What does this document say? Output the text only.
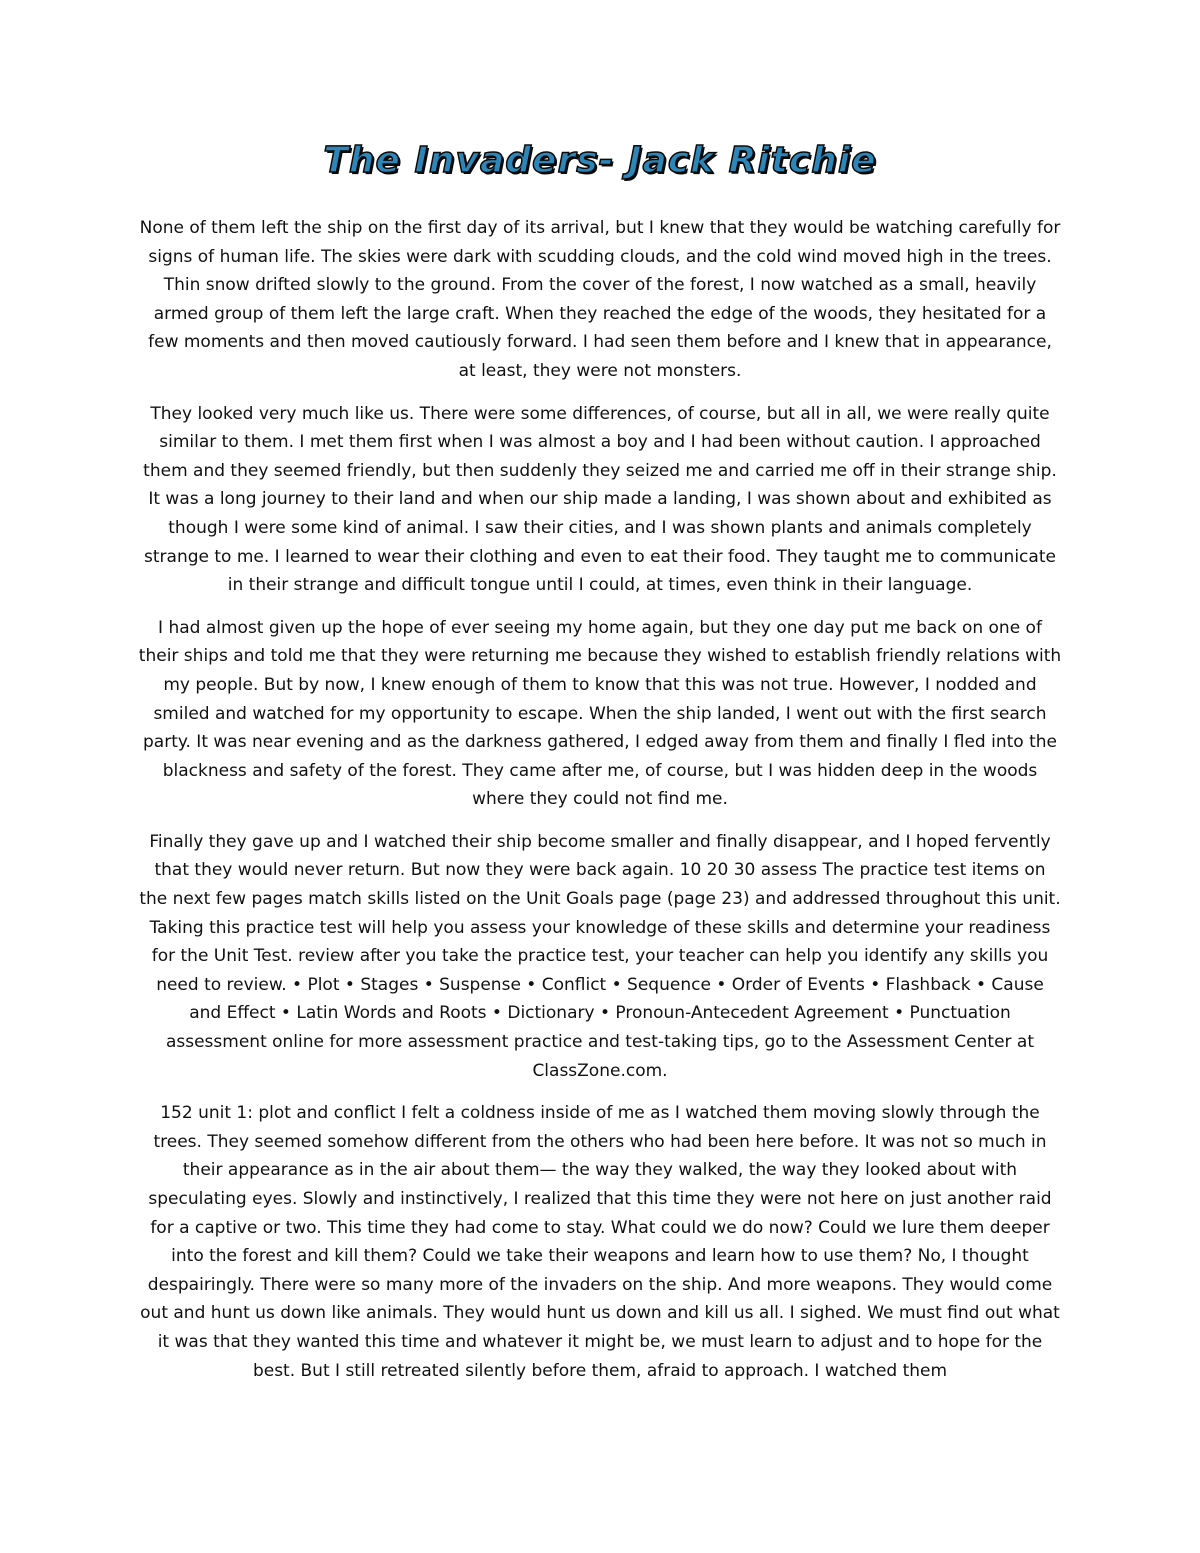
The Invaders- Jack Ritchie

None of them left the ship on the first day of its arrival, but I knew that they would be watching carefully for signs of human life. The skies were dark with scudding clouds, and the cold wind moved high in the trees. Thin snow drifted slowly to the ground. From the cover of the forest, I now watched as a small, heavily armed group of them left the large craft. When they reached the edge of the woods, they hesitated for a few moments and then moved cautiously forward. I had seen them before and I knew that in appearance, at least, they were not monsters.

They looked very much like us. There were some differences, of course, but all in all, we were really quite similar to them. I met them first when I was almost a boy and I had been without caution. I approached them and they seemed friendly, but then suddenly they seized me and carried me off in their strange ship. It was a long journey to their land and when our ship made a landing, I was shown about and exhibited as though I were some kind of animal. I saw their cities, and I was shown plants and animals completely strange to me. I learned to wear their clothing and even to eat their food. They taught me to communicate in their strange and difficult tongue until I could, at times, even think in their language.

I had almost given up the hope of ever seeing my home again, but they one day put me back on one of their ships and told me that they were returning me because they wished to establish friendly relations with my people. But by now, I knew enough of them to know that this was not true. However, I nodded and smiled and watched for my opportunity to escape. When the ship landed, I went out with the first search party. It was near evening and as the darkness gathered, I edged away from them and finally I fled into the blackness and safety of the forest. They came after me, of course, but I was hidden deep in the woods where they could not find me.

Finally they gave up and I watched their ship become smaller and finally disappear, and I hoped fervently that they would never return. But now they were back again. 10 20 30 assess The practice test items on the next few pages match skills listed on the Unit Goals page (page 23) and addressed throughout this unit. Taking this practice test will help you assess your knowledge of these skills and determine your readiness for the Unit Test. review after you take the practice test, your teacher can help you identify any skills you need to review. • Plot • Stages • Suspense • Conflict • Sequence • Order of Events • Flashback • Cause and Effect • Latin Words and Roots • Dictionary • Pronoun-Antecedent Agreement • Punctuation assessment online for more assessment practice and test-taking tips, go to the Assessment Center at ClassZone.com.

152 unit 1: plot and conflict I felt a coldness inside of me as I watched them moving slowly through the trees. They seemed somehow different from the others who had been here before. It was not so much in their appearance as in the air about them— the way they walked, the way they looked about with speculating eyes. Slowly and instinctively, I realized that this time they were not here on just another raid for a captive or two. This time they had come to stay. What could we do now? Could we lure them deeper into the forest and kill them? Could we take their weapons and learn how to use them? No, I thought despairingly. There were so many more of the invaders on the ship. And more weapons. They would come out and hunt us down like animals. They would hunt us down and kill us all. I sighed. We must find out what it was that they wanted this time and whatever it might be, we must learn to adjust and to hope for the best. But I still retreated silently before them, afraid to approach. I watched them
